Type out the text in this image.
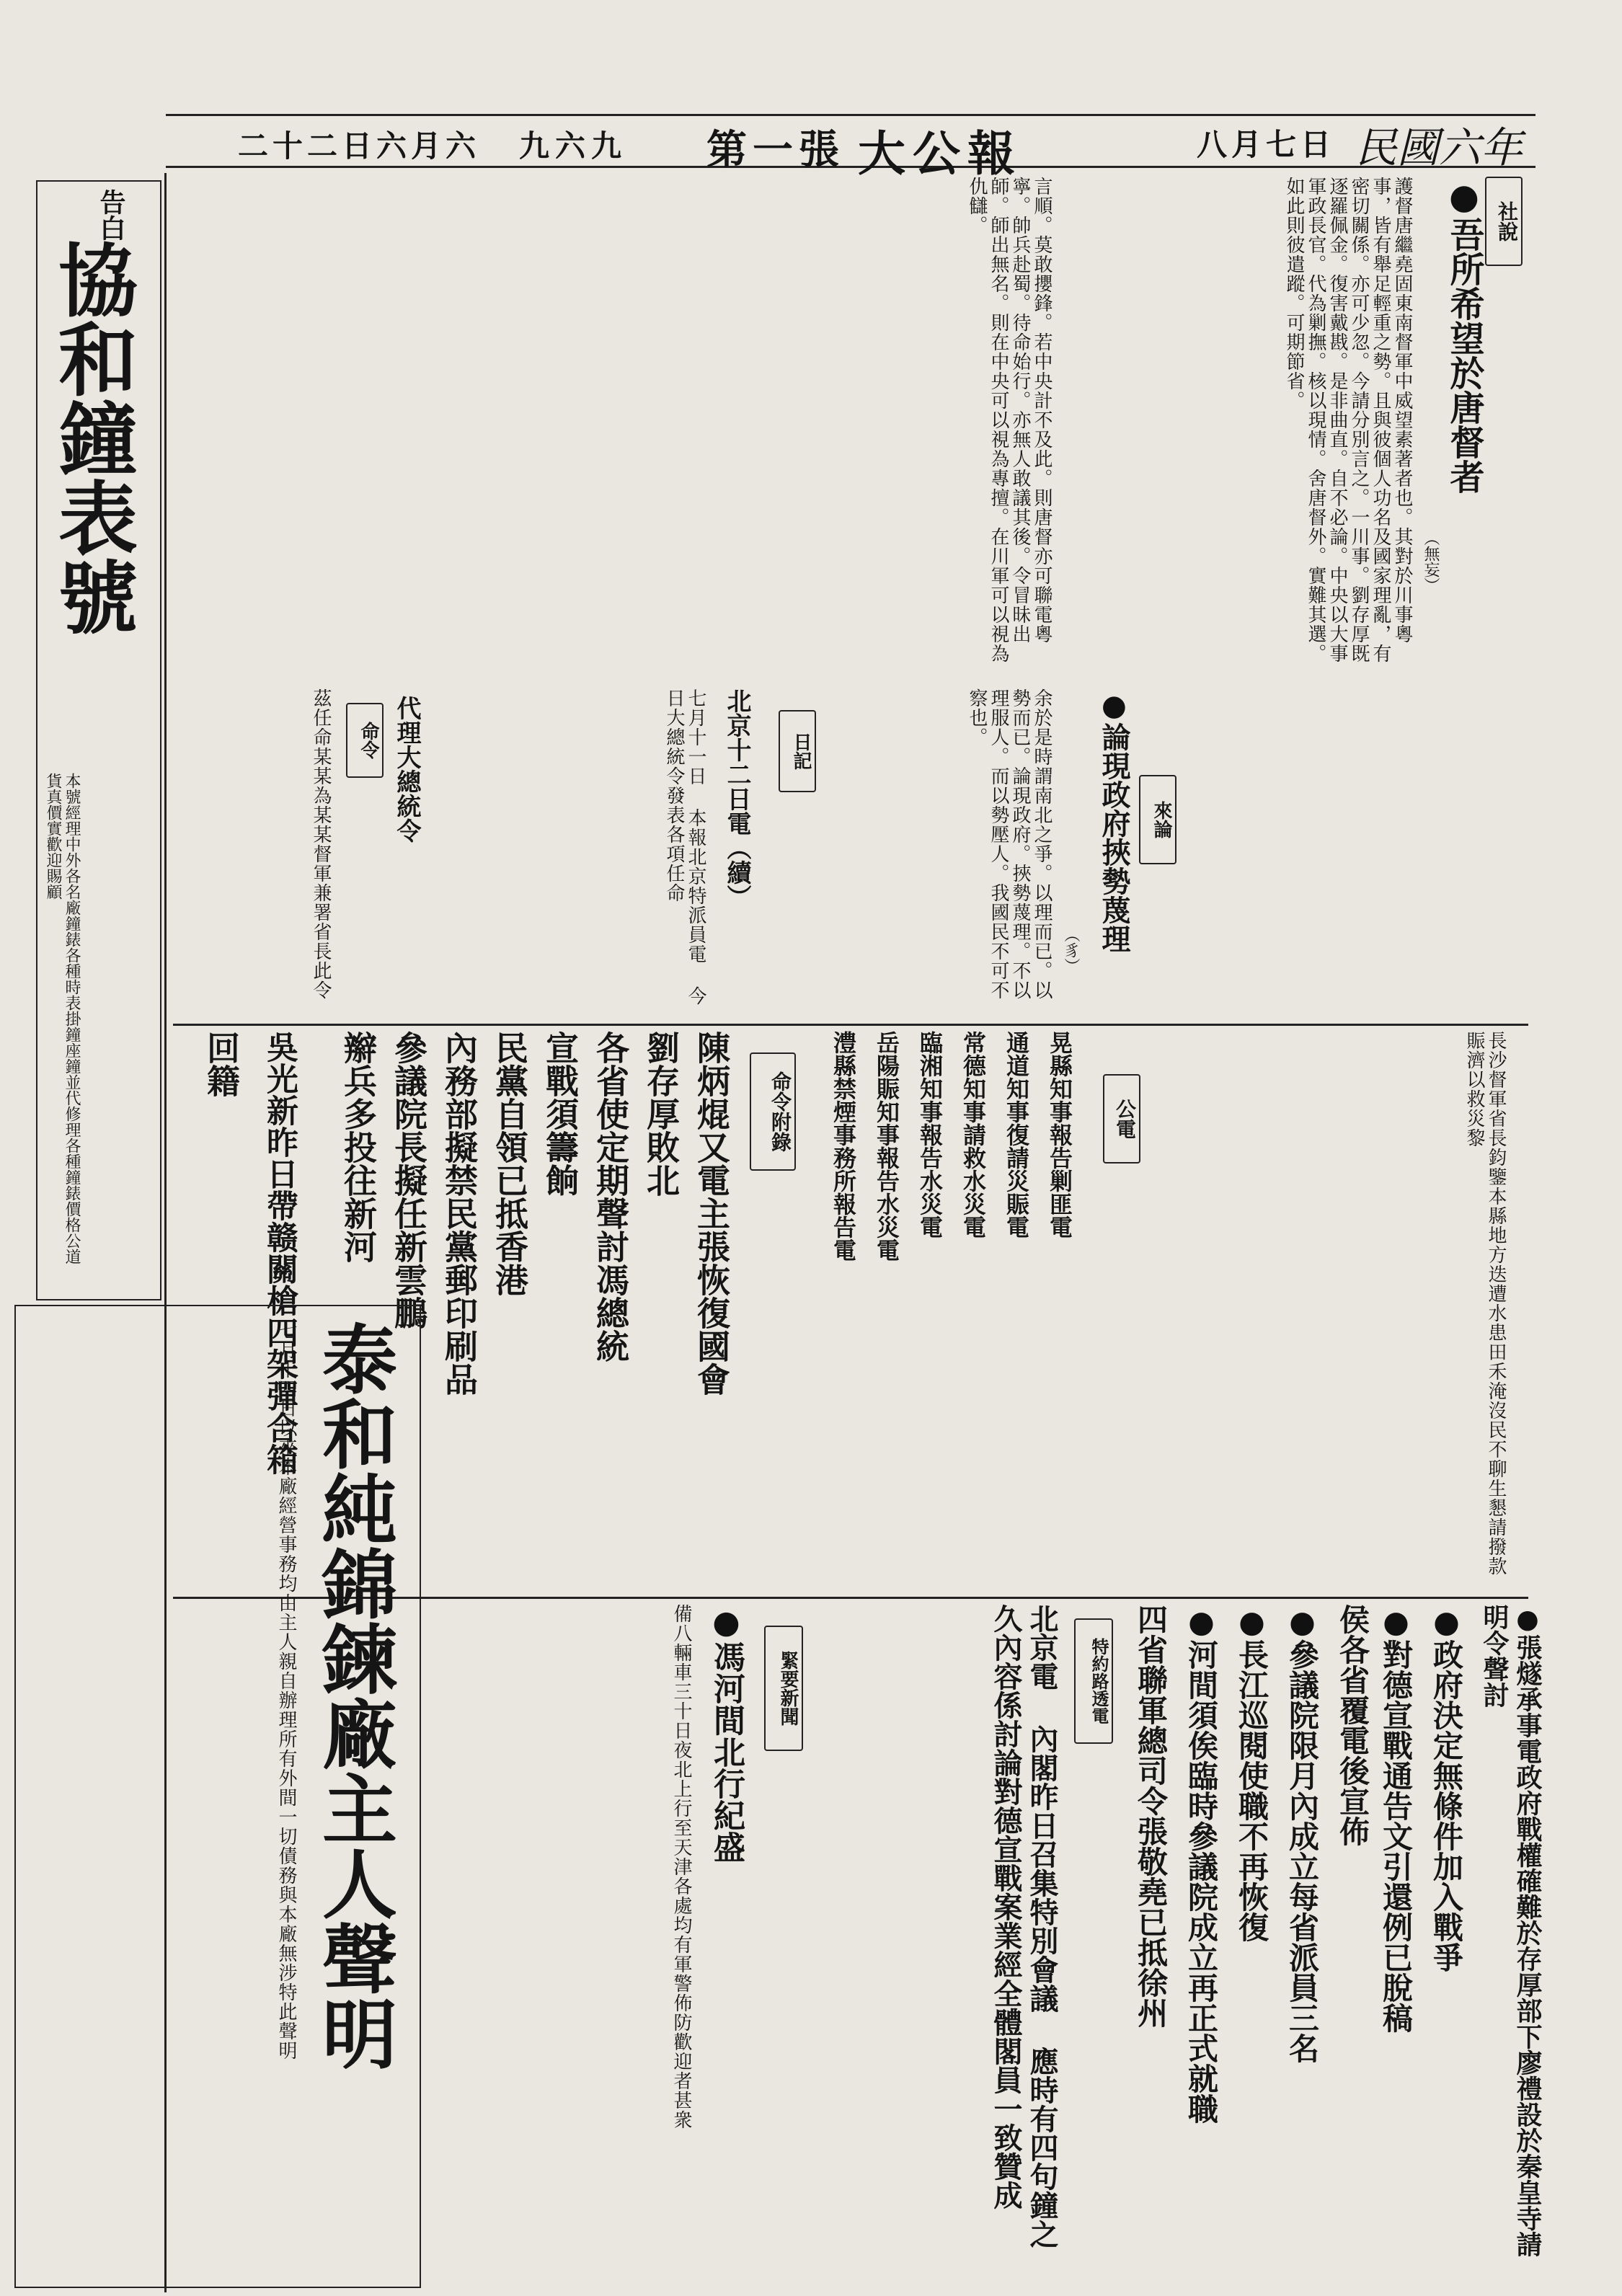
民國六年
八月七日
大公報
第一張
九六九
二十二日六月六
告白
協和鐘表號
本號經理中外各名廠鐘錶各種時表掛鐘座鐘並代修理各種鐘錶價格公道貨真價實歡迎賜顧
社說
● 吾所希望於唐督者
（無妄）
護督唐繼堯固東南督軍中威望素著者也。其對於川事粵事，皆有舉足輕重之勢。且與彼個人功名及國家理亂，有密切關係。亦可少忽。今請分別言之。一川事。劉存厚既逐羅佩金。復害戴戡。是非曲直。自不必論。中央以大事軍政長官。代為剿撫。核以現情。舍唐督外。實難其選。如此則彼遣蹤。可期節省。
言順。莫敢攖鋒。若中央計不及此。則唐督亦可聯電粵寧。帥兵赴蜀。待命始行。亦無人敢議其後。令冒昧出師。師出無名。則在中央可以視為專擅。在川軍可以視為仇讎。
來論
● 論現政府挾勢蔑理
（豸）
余於是時謂南北之爭。以理而已。以勢而已。論現政府。挾勢蔑理。不以理服人。而以勢壓人。我國民不可不察也。
日記
北京十二日電（續）
七月十一日 本報北京特派員電 今日大總統令發表各項任命
代理大總統令
命令
茲任命某某為某某督軍兼署省長此令
公電
晃縣知事報告剿匪電
通道知事復請災賑電
常德知事請救水災電
臨湘知事報告水災電
岳陽賑知事報告水災電
澧縣禁煙事務所報告電	長沙督軍省長鈞鑒本縣地方迭遭水患田禾淹沒民不聊生懇請撥款賑濟以救災黎
命令附錄
陳炳焜又電主張恢復國會
劉存厚敗北
各省使定期聲討馮總統
宣戰須籌餉
民黨自領已抵香港
內務部擬禁民黨郵印刷品
參議院長擬任新雲鵬
辮兵多投往新河
吳光新昨日帶赣關槍四架彈合箱
回籍
● 張燧承事電政府戰權確難於存厚部下廖禮設於秦皇寺請明令聲討
● 政府決定無條件加入戰爭
● 對德宣戰通告文引還例已脫稿
侯各省覆電後宣佈
● 參議院限月內成立每省派員三名
● 長江巡閱使職不再恢復
● 河間須俟臨時參議院成立再正式就職
四省聯軍總司令張敬堯已抵徐州
特約路透電
北京電 內閣昨日召集特別會議 應時有四句鐘之久內容係討論對德宣戰案業經全體閣員一致贊成
緊要新聞
● 馮河間北行紀盛
備八輛車三十日夜北上行至天津各處均有軍警佈防歡迎者甚衆
泰和純錦鍊廠主人聲明
七月十四日以來本廠經營事務均由主人親自辦理所有外間一切債務與本廠無涉特此聲明
